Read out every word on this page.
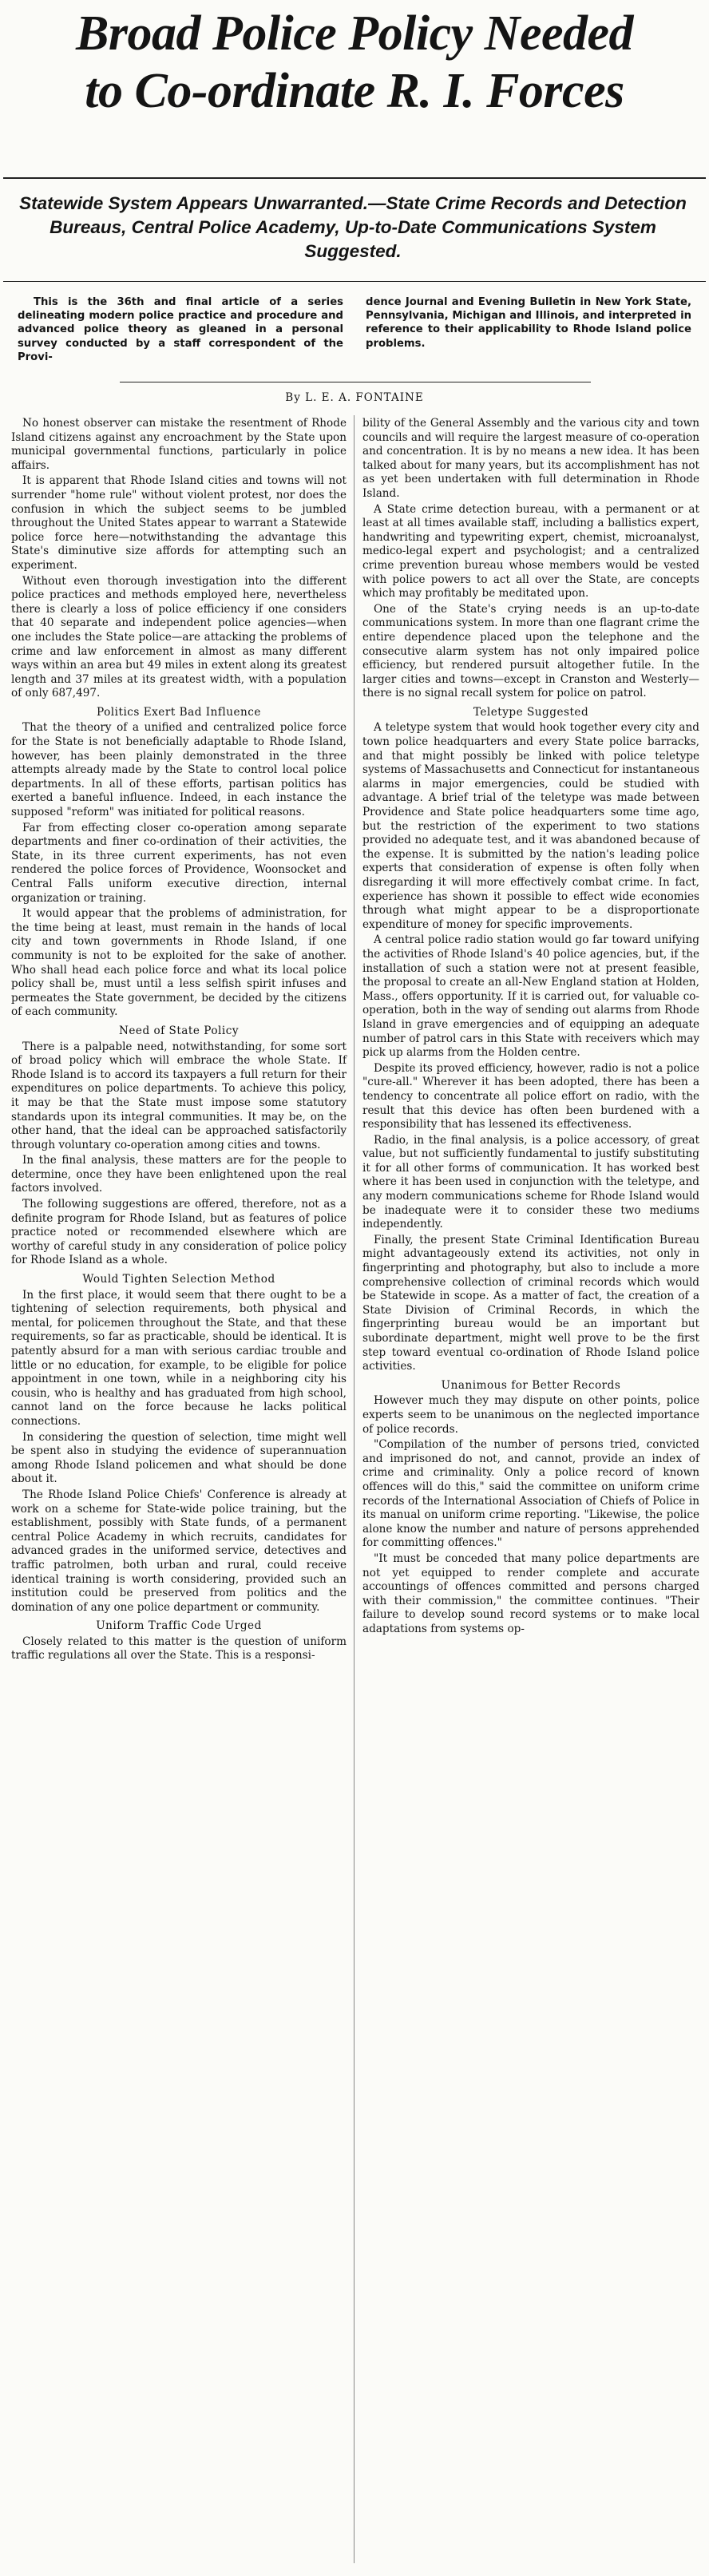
Broad Police Policy Needed
to Co-ordinate R. I. Forces
Statewide System Appears Unwarranted.—State Crime Records and Detection Bureaus, Central Police Academy, Up-to-Date Communications System Suggested.

This is the 36th and final article of a series delineating modern police practice and procedure and advanced police theory as gleaned in a personal survey conducted by a staff correspondent of the Provi-

dence Journal and Evening Bulletin in New York State, Pennsylvania, Michigan and Illinois, and interpreted in reference to their applicability to Rhode Island police problems.

By L. E. A. FONTAINE

No honest observer can mistake the resentment of Rhode Island citizens against any encroachment by the State upon municipal governmental functions, particularly in police affairs.

It is apparent that Rhode Island cities and towns will not surrender "home rule" without violent protest, nor does the confusion in which the subject seems to be jumbled throughout the United States appear to warrant a Statewide police force here—notwithstanding the advantage this State's diminutive size affords for attempting such an experiment.

Without even thorough investigation into the different police practices and methods employed here, nevertheless there is clearly a loss of police efficiency if one considers that 40 separate and independent police agencies—when one includes the State police—are attacking the problems of crime and law enforcement in almost as many different ways within an area but 49 miles in extent along its greatest length and 37 miles at its greatest width, with a population of only 687,497.

Politics Exert Bad Influence

That the theory of a unified and centralized police force for the State is not beneficially adaptable to Rhode Island, however, has been plainly demonstrated in the three attempts already made by the State to control local police departments. In all of these efforts, partisan politics has exerted a baneful influence. Indeed, in each instance the supposed "reform" was initiated for political reasons.

Far from effecting closer co-operation among separate departments and finer co-ordination of their activities, the State, in its three current experiments, has not even rendered the police forces of Providence, Woonsocket and Central Falls uniform executive direction, internal organization or training.

It would appear that the problems of administration, for the time being at least, must remain in the hands of local city and town governments in Rhode Island, if one community is not to be exploited for the sake of another. Who shall head each police force and what its local police policy shall be, must until a less selfish spirit infuses and permeates the State government, be decided by the citizens of each community.

Need of State Policy

There is a palpable need, notwithstanding, for some sort of broad policy which will embrace the whole State. If Rhode Island is to accord its taxpayers a full return for their expenditures on police departments. To achieve this policy, it may be that the State must impose some statutory standards upon its integral communities. It may be, on the other hand, that the ideal can be approached satisfactorily through voluntary co-operation among cities and towns.

In the final analysis, these matters are for the people to determine, once they have been enlightened upon the real factors involved.

The following suggestions are offered, therefore, not as a definite program for Rhode Island, but as features of police practice noted or recommended elsewhere which are worthy of careful study in any consideration of police policy for Rhode Island as a whole.

Would Tighten Selection Method

In the first place, it would seem that there ought to be a tightening of selection requirements, both physical and mental, for policemen throughout the State, and that these requirements, so far as practicable, should be identical. It is patently absurd for a man with serious cardiac trouble and little or no education, for example, to be eligible for police appointment in one town, while in a neighboring city his cousin, who is healthy and has graduated from high school, cannot land on the force because he lacks political connections.

In considering the question of selection, time might well be spent also in studying the evidence of superannuation among Rhode Island policemen and what should be done about it.

The Rhode Island Police Chiefs' Conference is already at work on a scheme for State-wide police training, but the establishment, possibly with State funds, of a permanent central Police Academy in which recruits, candidates for advanced grades in the uniformed service, detectives and traffic patrolmen, both urban and rural, could receive identical training is worth considering, provided such an institution could be preserved from politics and the domination of any one police department or community.

Uniform Traffic Code Urged

Closely related to this matter is the question of uniform traffic regulations all over the State. This is a responsi-

bility of the General Assembly and the various city and town councils and will require the largest measure of co-operation and concentration. It is by no means a new idea. It has been talked about for many years, but its accomplishment has not as yet been undertaken with full determination in Rhode Island.

A State crime detection bureau, with a permanent or at least at all times available staff, including a ballistics expert, handwriting and typewriting expert, chemist, microanalyst, medico-legal expert and psychologist; and a centralized crime prevention bureau whose members would be vested with police powers to act all over the State, are concepts which may profitably be meditated upon.

One of the State's crying needs is an up-to-date communications system. In more than one flagrant crime the entire dependence placed upon the telephone and the consecutive alarm system has not only impaired police efficiency, but rendered pursuit altogether futile. In the larger cities and towns—except in Cranston and Westerly—there is no signal recall system for police on patrol.

Teletype Suggested

A teletype system that would hook together every city and town police headquarters and every State police barracks, and that might possibly be linked with police teletype systems of Massachusetts and Connecticut for instantaneous alarms in major emergencies, could be studied with advantage. A brief trial of the teletype was made between Providence and State police headquarters some time ago, but the restriction of the experiment to two stations provided no adequate test, and it was abandoned because of the expense. It is submitted by the nation's leading police experts that consideration of expense is often folly when disregarding it will more effectively combat crime. In fact, experience has shown it possible to effect wide economies through what might appear to be a disproportionate expenditure of money for specific improvements.

A central police radio station would go far toward unifying the activities of Rhode Island's 40 police agencies, but, if the installation of such a station were not at present feasible, the proposal to create an all-New England station at Holden, Mass., offers opportunity. If it is carried out, for valuable co-operation, both in the way of sending out alarms from Rhode Island in grave emergencies and of equipping an adequate number of patrol cars in this State with receivers which may pick up alarms from the Holden centre.

Despite its proved efficiency, however, radio is not a police "cure-all." Wherever it has been adopted, there has been a tendency to concentrate all police effort on radio, with the result that this device has often been burdened with a responsibility that has lessened its effectiveness.

Radio, in the final analysis, is a police accessory, of great value, but not sufficiently fundamental to justify substituting it for all other forms of communication. It has worked best where it has been used in conjunction with the teletype, and any modern communications scheme for Rhode Island would be inadequate were it to consider these two mediums independently.

Finally, the present State Criminal Identification Bureau might advantageously extend its activities, not only in fingerprinting and photography, but also to include a more comprehensive collection of criminal records which would be Statewide in scope. As a matter of fact, the creation of a State Division of Criminal Records, in which the fingerprinting bureau would be an important but subordinate department, might well prove to be the first step toward eventual co-ordination of Rhode Island police activities.

Unanimous for Better Records

However much they may dispute on other points, police experts seem to be unanimous on the neglected importance of police records.

"Compilation of the number of persons tried, convicted and imprisoned do not, and cannot, provide an index of crime and criminality. Only a police record of known offences will do this," said the committee on uniform crime records of the International Association of Chiefs of Police in its manual on uniform crime reporting. "Likewise, the police alone know the number and nature of persons apprehended for committing offences."

"It must be conceded that many police departments are not yet equipped to render complete and accurate accountings of offences committed and persons charged with their commission," the committee continues. "Their failure to develop sound record systems or to make local adaptations from systems op-
